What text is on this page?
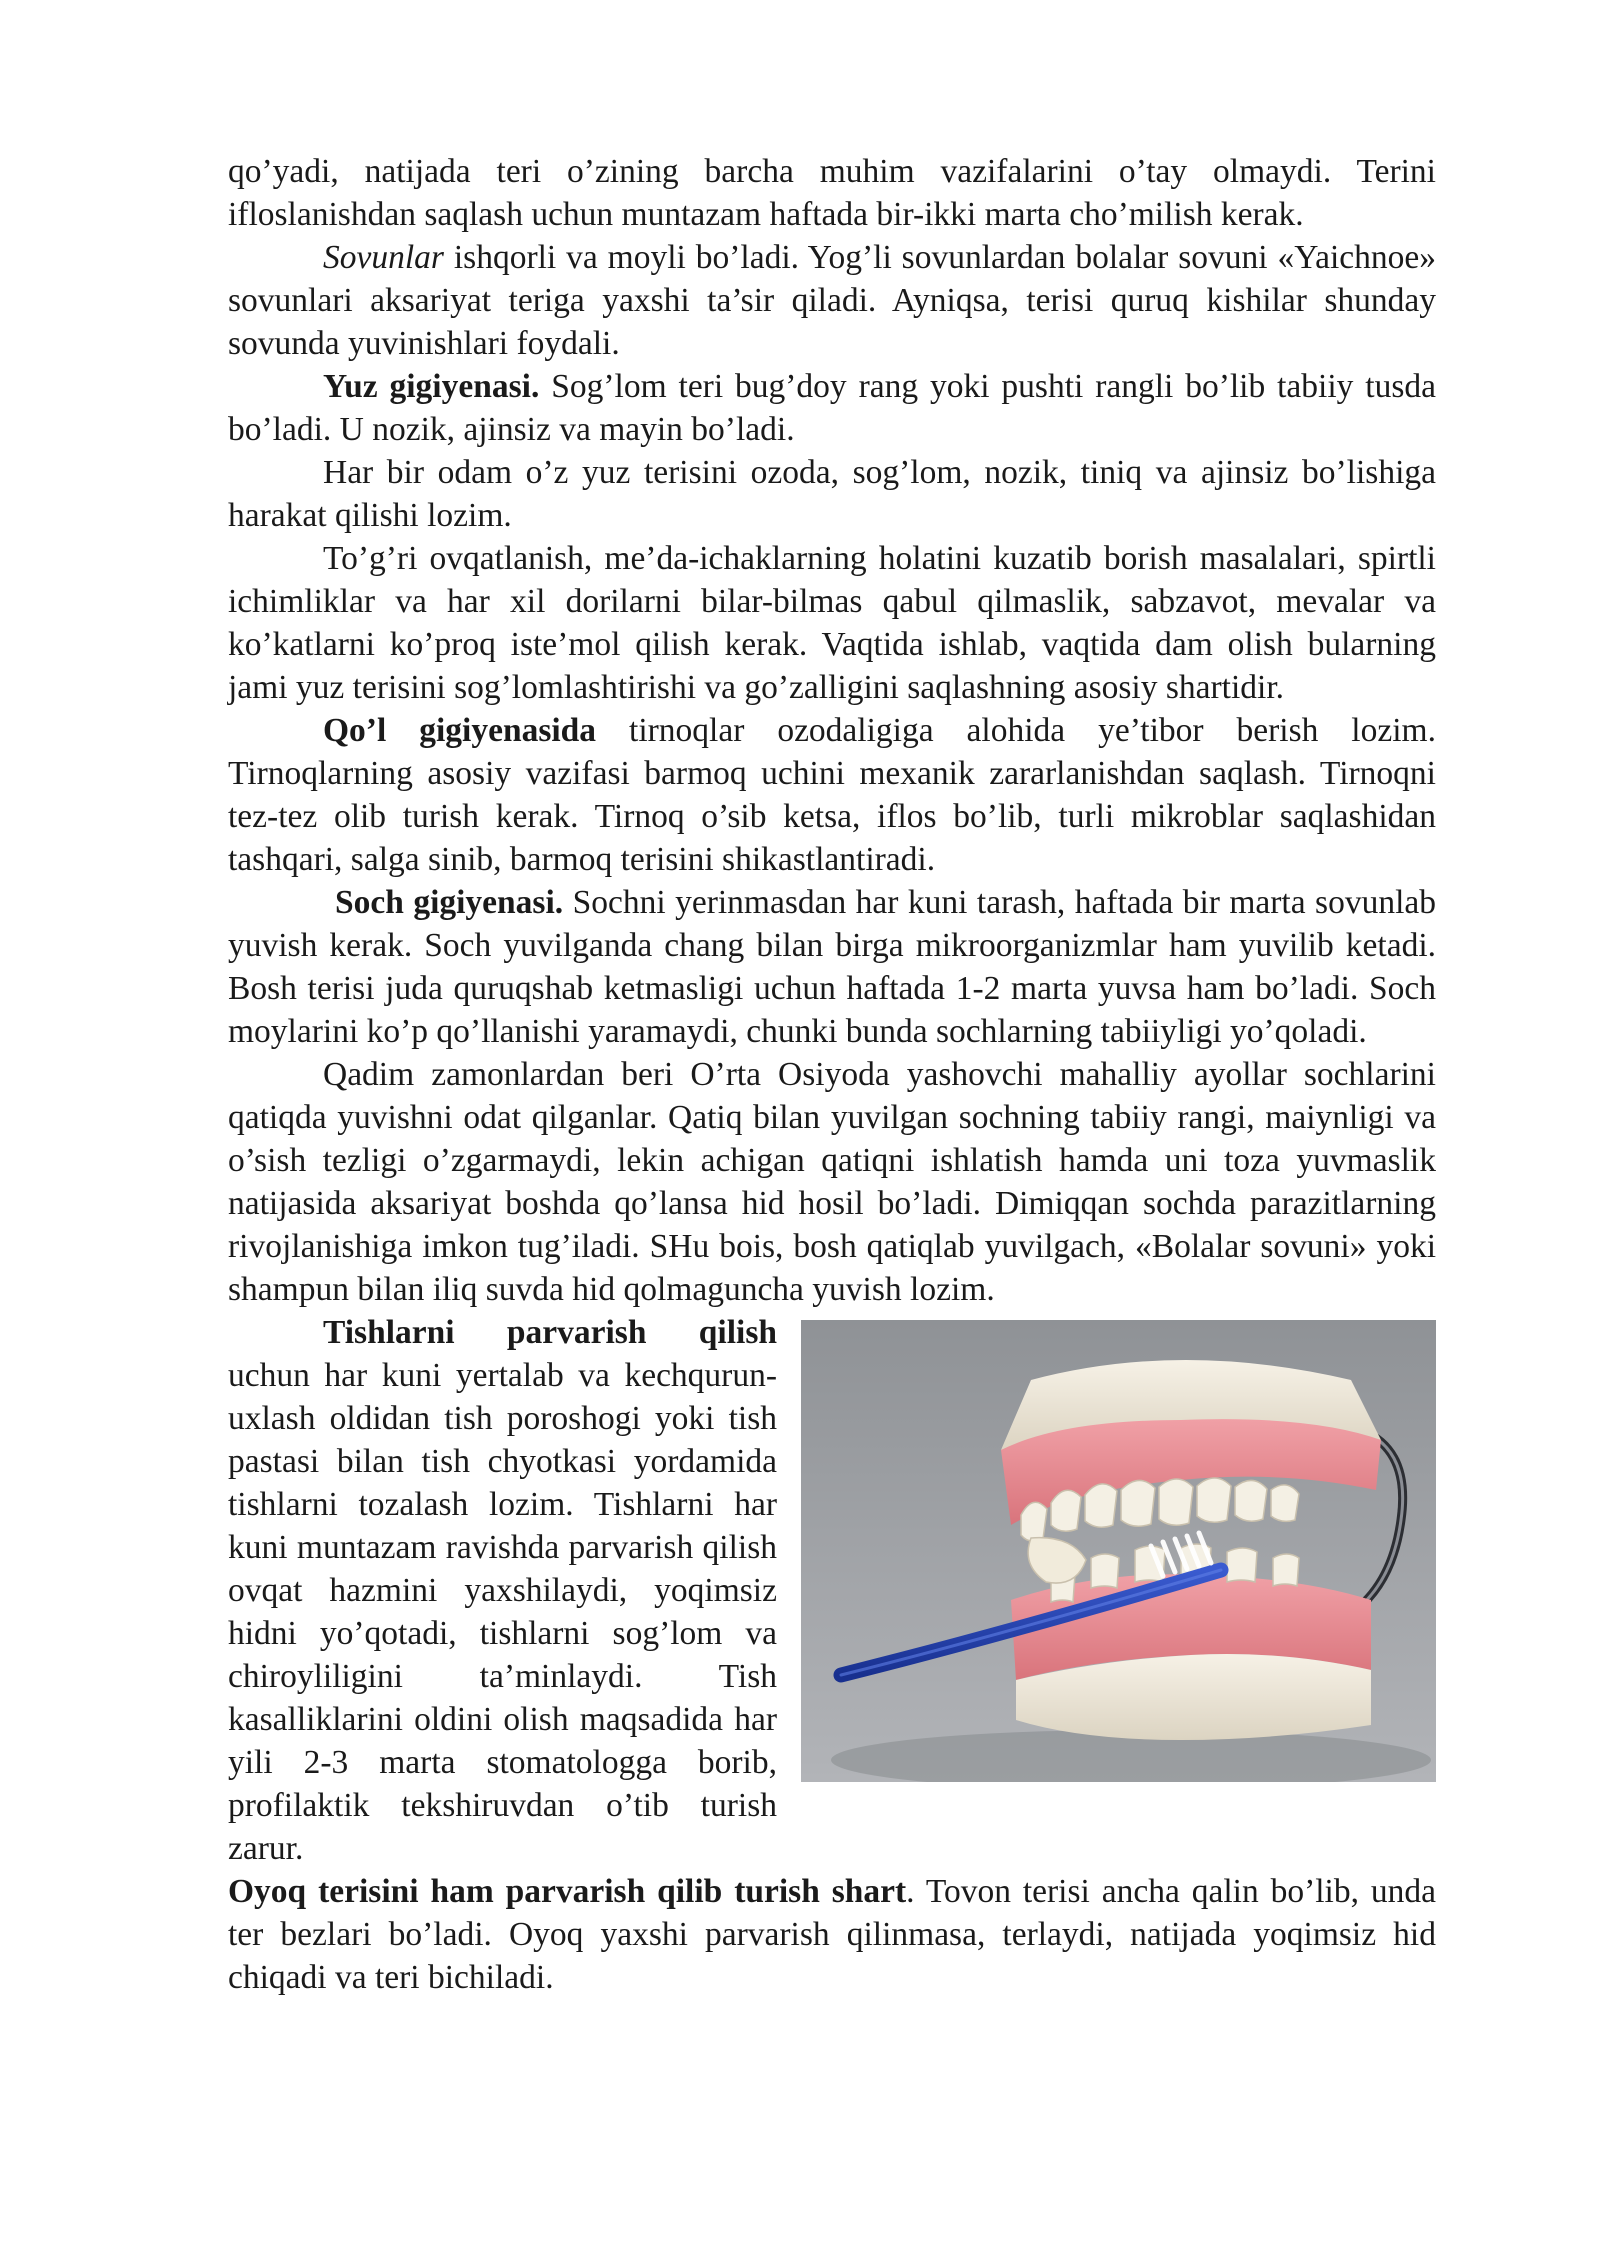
qo’yadi, natijada teri o’zining barcha muhim vazifalarini o’tay olmaydi. Terini ifloslanishdan saqlash uchun muntazam haftada bir-ikki marta cho’milish kerak.

Sovunlar ishqorli va moyli bo’ladi. Yog’li sovunlardan bolalar sovuni «Yaichnoe» sovunlari aksariyat teriga yaxshi ta’sir qiladi. Ayniqsa, terisi quruq kishilar shunday sovunda yuvinishlari foydali.

Yuz gigiyenasi. Sog’lom teri bug’doy rang yoki pushti rangli bo’lib tabiiy tusda bo’ladi. U nozik, ajinsiz va mayin bo’ladi.

Har bir odam o’z yuz terisini ozoda, sog’lom, nozik, tiniq va ajinsiz bo’lishiga harakat qilishi lozim.

To’g’ri ovqatlanish, me’da-ichaklarning holatini kuzatib borish masalalari, spirtli ichimliklar va har xil dorilarni bilar-bilmas qabul qilmaslik, sabzavot, mevalar va ko’katlarni ko’proq iste’mol qilish kerak. Vaqtida ishlab, vaqtida dam olish bularning jami yuz terisini sog’lomlashtirishi va go’zalligini saqlashning asosiy shartidir.

Qo’l gigiyenasida tirnoqlar ozodaligiga alohida ye’tibor berish lozim. Tirnoqlarning asosiy vazifasi barmoq uchini mexanik zararlanishdan saqlash. Tirnoqni tez-tez olib turish kerak. Tirnoq o’sib ketsa, iflos bo’lib, turli mikroblar saqlashidan tashqari, salga sinib, barmoq terisini shikastlantiradi.

Soch gigiyenasi. Sochni yerinmasdan har kuni tarash, haftada bir marta sovunlab yuvish kerak. Soch yuvilganda chang bilan birga mikroorganizmlar ham yuvilib ketadi. Bosh terisi juda quruqshab ketmasligi uchun haftada 1-2 marta yuvsa ham bo’ladi. Soch moylarini ko’p qo’llanishi yaramaydi, chunki bunda sochlarning tabiiyligi yo’qoladi.

Qadim zamonlardan beri O’rta Osiyoda yashovchi mahalliy ayollar sochlarini qatiqda yuvishni odat qilganlar. Qatiq bilan yuvilgan sochning tabiiy rangi, maiynligi va o’sish tezligi o’zgarmaydi, lekin achigan qatiqni ishlatish hamda uni toza yuvmaslik natijasida aksariyat boshda qo’lansa hid hosil bo’ladi. Dimiqqan sochda parazitlarning rivojlanishiga imkon tug’iladi. SHu bois, bosh qatiqlab yuvilgach, «Bolalar sovuni» yoki shampun bilan iliq suvda hid qolmaguncha yuvish lozim.

Tishlarni parvarish qilish uchun har kuni yertalab va kechqurun-uxlash oldidan tish poroshogi yoki tish pastasi bilan tish chyotkasi yordamida tishlarni tozalash lozim. Tishlarni har kuni muntazam ravishda parvarish qilish ovqat hazmini yaxshilaydi, yoqimsiz hidni yo’qotadi, tishlarni sog’lom va chiroyliligini ta’minlaydi. Tish kasalliklarini oldini olish maqsadida har yili 2-3 marta stomatologga borib, profilaktik tekshiruvdan o’tib turish zarur.

Oyoq terisini ham parvarish qilib turish shart. Tovon terisi ancha qalin bo’lib, unda ter bezlari bo’ladi. Oyoq yaxshi parvarish qilinmasa, terlaydi, natijada yoqimsiz hid chiqadi va teri bichiladi.
